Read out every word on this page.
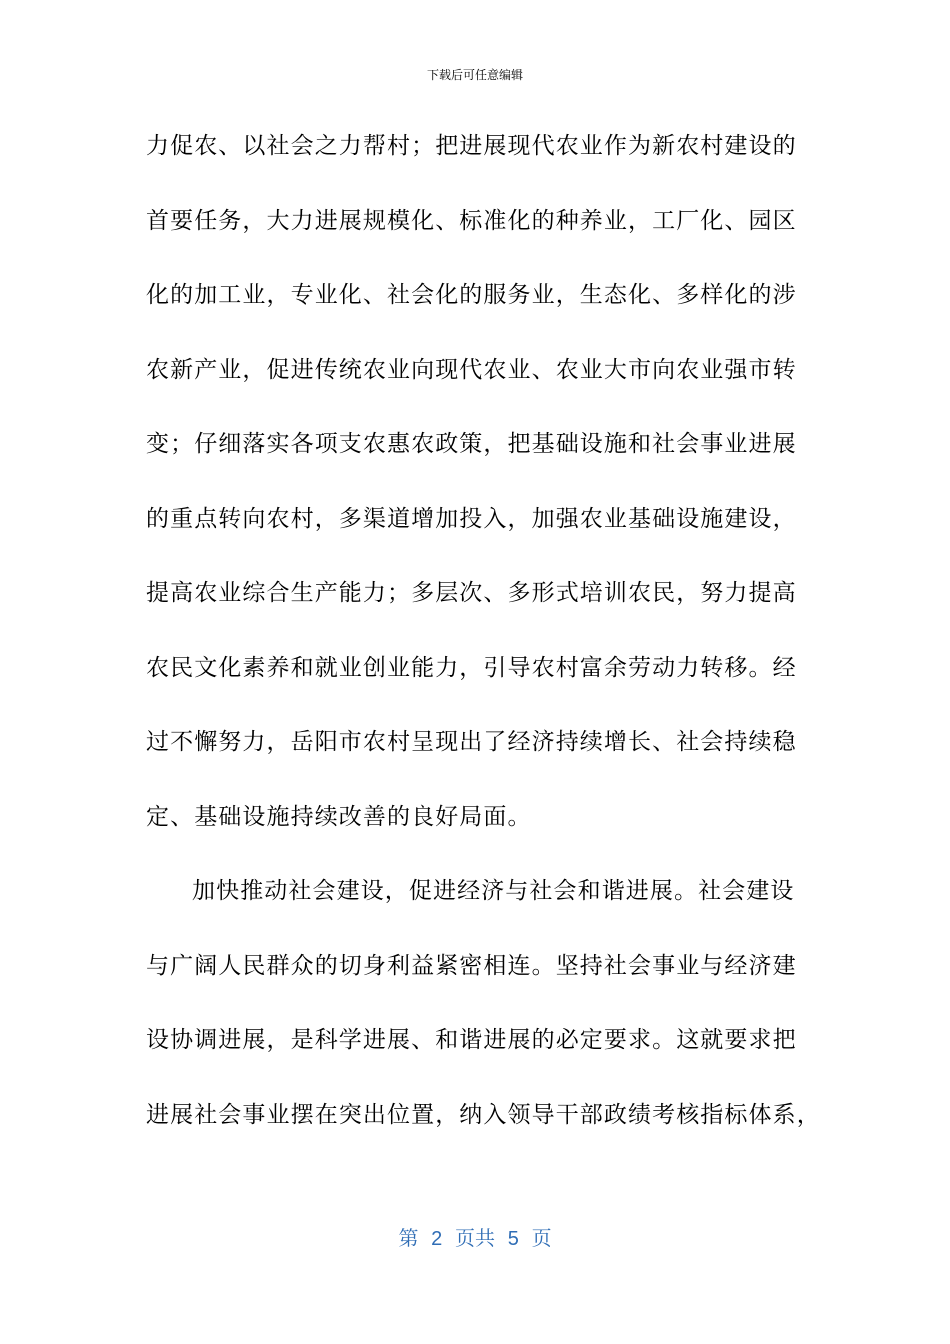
下载后可任意编辑
力促农、以社会之力帮村；把进展现代农业作为新农村建设的
首要任务，大力进展规模化、标准化的种养业，工厂化、园区
化的加工业，专业化、社会化的服务业，生态化、多样化的涉
农新产业，促进传统农业向现代农业、农业大市向农业强市转
变；仔细落实各项支农惠农政策，把基础设施和社会事业进展
的重点转向农村，多渠道增加投入，加强农业基础设施建设，
提高农业综合生产能力；多层次、多形式培训农民，努力提高
农民文化素养和就业创业能力，引导农村富余劳动力转移。经
过不懈努力，岳阳市农村呈现出了经济持续增长、社会持续稳
定、基础设施持续改善的良好局面。
加快推动社会建设，促进经济与社会和谐进展。社会建设
与广阔人民群众的切身利益紧密相连。坚持社会事业与经济建
设协调进展，是科学进展、和谐进展的必定要求。这就要求把
进展社会事业摆在突出位置，纳入领导干部政绩考核指标体系，
第 2 页共 5 页
